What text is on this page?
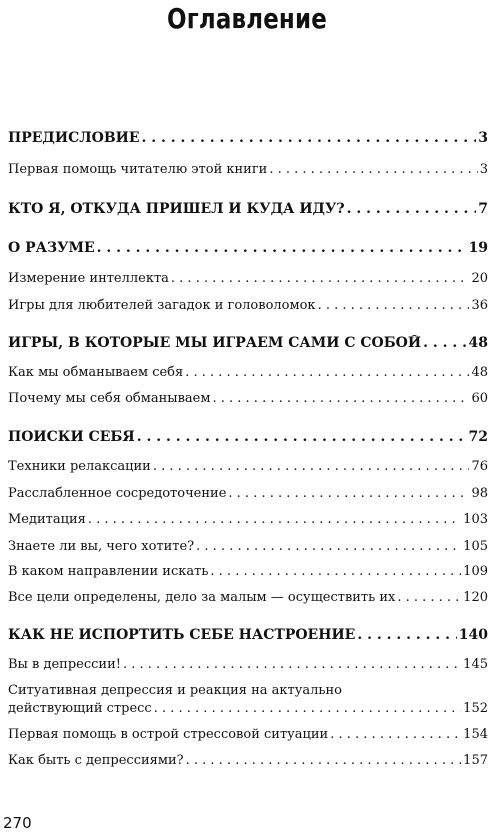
Оглавление
ПРЕДИСЛОВИЕ . . .	3
Первая помощь читателю этой книги . . .	3
КТО Я, ОТКУДА ПРИШЕЛ И КУДА ИДУ? . . .	7
О РАЗУМЕ . . .	19
Измерение интеллекта . . .	20
Игры для любителей загадок и головоломок . . .	36
ИГРЫ, В КОТОРЫЕ МЫ ИГРАЕМ САМИ С СОБОЙ . . .	48
Как мы обманываем себя . . .	48
Почему мы себя обманываем . . .	60
ПОИСКИ СЕБЯ . . .	72
Техники релаксации . . .	76
Расслабленное сосредоточение . . .	98
Медитация . . .	103
Знаете ли вы, чего хотите? . . .	105
В каком направлении искать . . .	109
Все цели определены, дело за малым — осуществить их . . .	120
КАК НЕ ИСПОРТИТЬ СЕБЕ НАСТРОЕНИЕ . . .	140
Вы в депрессии! . . .	145
Ситуативная депрессия и реакция на актуально
действующий стресс . . .	152
Первая помощь в острой стрессовой ситуации . . .	154
Как быть с депрессиями? . . .	157
270
